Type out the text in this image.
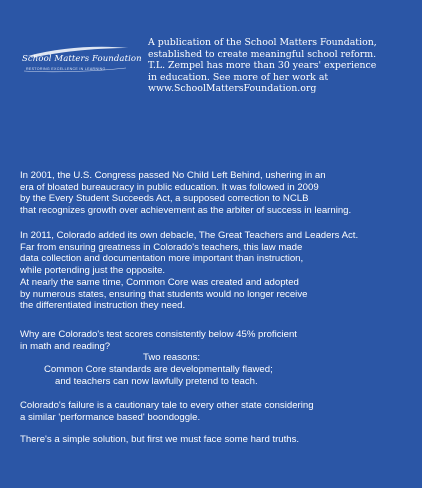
School Matters Foundation
RESTORING EXCELLENCE IN LEARNING
A publication of the School Matters Foundation,
established to create meaningful school reform.
T.L. Zempel has more than 30 years' experience
in education. See more of her work at
www.SchoolMattersFoundation.org
In 2001, the U.S. Congress passed No Child Left Behind, ushering in an
era of bloated bureaucracy in public education. It was followed in 2009
by the Every Student Succeeds Act, a supposed correction to NCLB
that recognizes growth over achievement as the arbiter of success in learning.
In 2011, Colorado added its own debacle, The Great Teachers and Leaders Act.
Far from ensuring greatness in Colorado's teachers, this law made
data collection and documentation more important than instruction,
while portending just the opposite.
At nearly the same time, Common Core was created and adopted
by numerous states, ensuring that students would no longer receive
the differentiated instruction they need.
Why are Colorado's test scores consistently below 45% proficient
in math and reading?
Two reasons:
Common Core standards are developmentally flawed;
and teachers can now lawfully pretend to teach.
Colorado's failure is a cautionary tale to every other state considering
a similar 'performance based' boondoggle.
There's a simple solution, but first we must face some hard truths.
